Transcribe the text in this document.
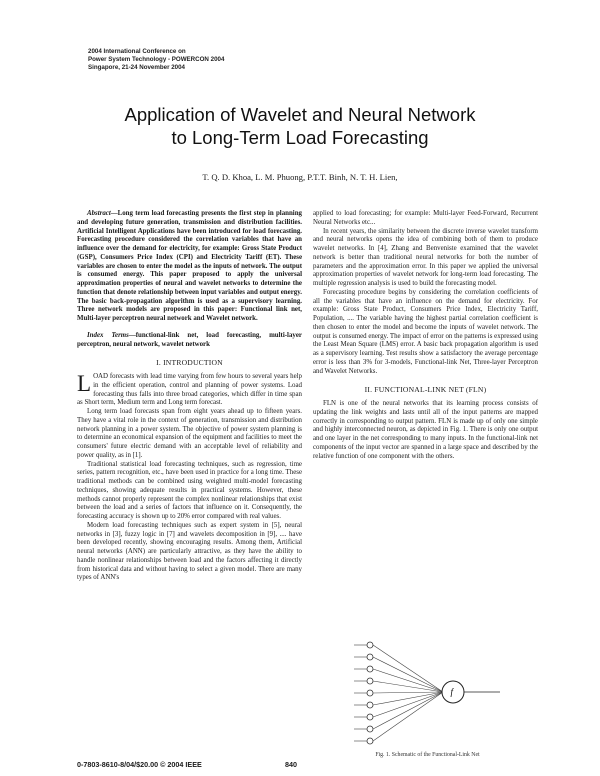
2004 International Conference on
Power System Technology - POWERCON 2004
Singapore, 21-24 November 2004
Application of Wavelet and Neural Network
to Long-Term Load Forecasting
T. Q. D. Khoa, L. M. Phuong, P.T.T. Binh, N. T. H. Lien,

Abstract—Long term load forecasting presents the first step in planning and developing future generation, transmission and distribution facilities. Artificial Intelligent Applications have been introduced for load forecasting. Forecasting procedure considered the correlation variables that have an influence over the demand for electricity, for example: Gross State Product (GSP), Consumers Price Index (CPI) and Electricity Tariff (ET). These variables are chosen to enter the model as the inputs of network. The output is consumed energy. This paper proposed to apply the universal approximation properties of neural and wavelet networks to determine the function that denote relationship between input variables and output energy. The basic back-propagation algorithm is used as a supervisory learning. Three network models are proposed in this paper: Functional link net, Multi-layer perceptron neural network and Wavelet network.

Index Terms—functional-link net, load forecasting, multi-layer perceptron, neural network, wavelet network

I. INTRODUCTION

LOAD forecasts with lead time varying from few hours to several years help in the efficient operation, control and planning of power systems. Load forecasting thus falls into three broad categories, which differ in time span as Short term, Medium term and Long term forecast.

Long term load forecasts span from eight years ahead up to fifteen years. They have a vital role in the context of generation, transmission and distribution network planning in a power system. The objective of power system planning is to determine an economical expansion of the equipment and facilities to meet the consumers' future electric demand with an acceptable level of reliability and power quality, as in [1].

Traditional statistical load forecasting techniques, such as regression, time series, pattern recognition, etc., have been used in practice for a long time. These traditional methods can be combined using weighted multi-model forecasting techniques, showing adequate results in practical systems. However, these methods cannot properly represent the complex nonlinear relationships that exist between the load and a series of factors that influence on it. Consequently, the forecasting accuracy is shown up to 20% error compared with real values.

Modern load forecasting techniques such as expert system in [5], neural networks in [3], fuzzy logic in [7] and wavelets decomposition in [9], .... have been developed recently, showing encouraging results. Among them, Artificial neural networks (ANN) are particularly attractive, as they have the ability to handle nonlinear relationships between load and the factors affecting it directly from historical data and without having to select a given model. There are many types of ANN's

applied to load forecasting; for example: Multi-layer Feed-Forward, Recurrent Neural Networks etc...

In recent years, the similarity between the discrete inverse wavelet transform and neural networks opens the idea of combining both of them to produce wavelet networks. In [4], Zhang and Benveniste examined that the wavelet network is better than traditional neural networks for both the number of parameters and the approximation error. In this paper we applied the universal approximation properties of wavelet network for long-term load forecasting. The multiple regression analysis is used to build the forecasting model.

Forecasting procedure begins by considering the correlation coefficients of all the variables that have an influence on the demand for electricity. For example: Gross State Product, Consumers Price Index, Electricity Tariff, Population, .... The variable having the highest partial correlation coefficient is then chosen to enter the model and become the inputs of wavelet network. The output is consumed energy. The impact of error on the patterns is expressed using the Least Mean Square (LMS) error. A basic back propagation algorithm is used as a supervisory learning. Test results show a satisfactory the average percentage error is less than 3% for 3-models, Functional-link Net, Three-layer Perceptron and Wavelet Networks.

II. FUNCTIONAL-LINK NET (FLN)

FLN is one of the neural networks that its learning process consists of updating the link weights and lasts until all of the input patterns are mapped correctly in corresponding to output pattern. FLN is made up of only one simple and highly interconnected neuron, as depicted in Fig. 1. There is only one output and one layer in the net corresponding to many inputs. In the functional-link net components of the input vector are spanned in a large space and described by the relative function of one component with the others.

f
Fig. 1. Schematic of the Functional-Link Net
0-7803-8610-8/04/$20.00 © 2004 IEEE	840
